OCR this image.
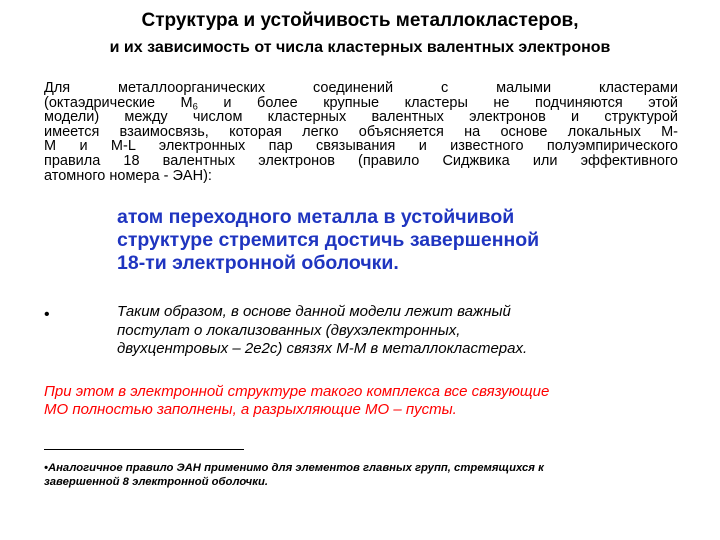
Структура и устойчивость металлокластеров,
и их зависимость от числа кластерных валентных электронов
Для	металлоорганических	соединений	с	малыми	кластерами
(октаэдрические $М_6$ и более крупные кластеры не подчиняются этой
модели) между числом кластерных валентных электронов и структурой
имеется взаимосвязь, которая легко объясняется на основе локальных М-
М и M-L электронных пар связывания и известного полуэмпирического
правила 18 валентных электронов (правило Сиджвика или эффективного
атомного номера - ЭАН):
атом переходного металла в устойчивой
структуре стремится достичь завершенной
18-ти электронной оболочки.
•	Таким образом, в основе данной модели лежит важный
постулат о локализованных (двухэлектронных,
двухцентровых – 2е2с) связях М-М в металлокластерах.
При этом в электронной структуре такого комплекса все связующие
МО полностью заполнены, а разрыхляющие МО – пусты.
•Аналогичное правило ЭАН применимо для элементов главных групп, стремящихся к
завершенной 8 электронной оболочки.
